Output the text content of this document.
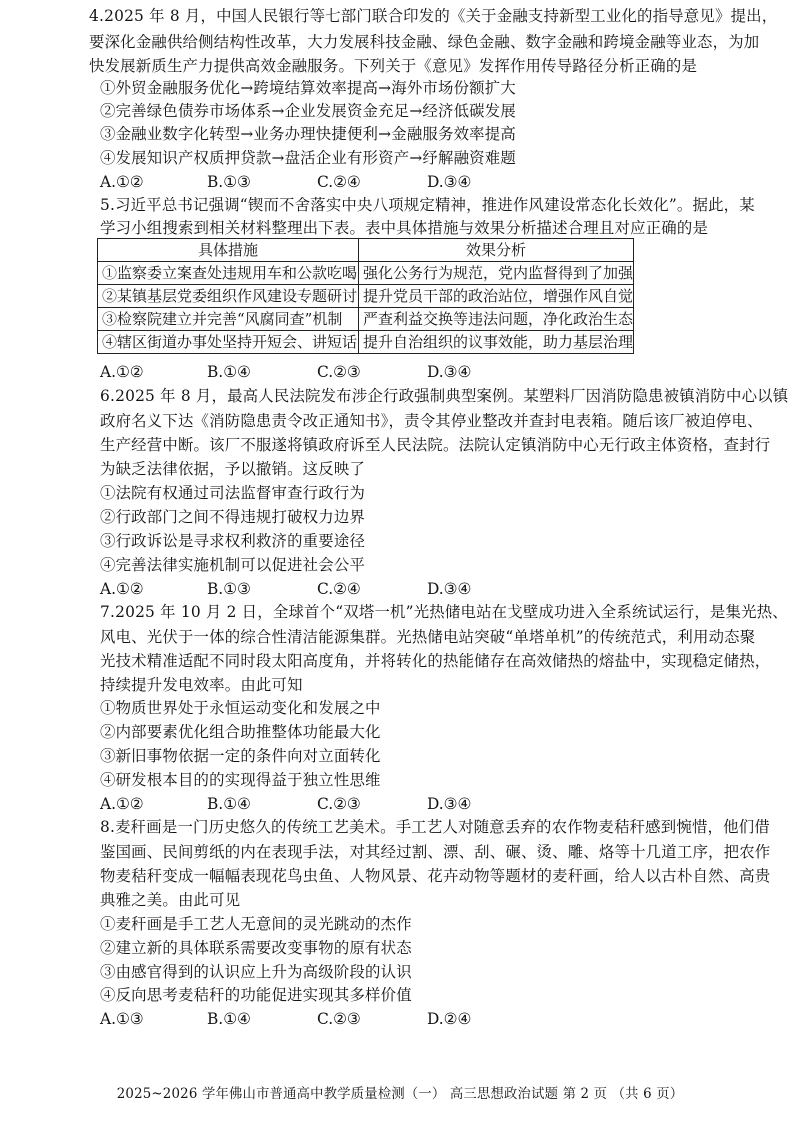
4.2025 年 8 月，中国人民银行等七部门联合印发的《关于金融支持新型工业化的指导意见》提出，
要深化金融供给侧结构性改革，大力发展科技金融、绿色金融、数字金融和跨境金融等业态，为加
快发展新质生产力提供高效金融服务。下列关于《意见》发挥作用传导路径分析正确的是
①外贸金融服务优化→跨境结算效率提高→海外市场份额扩大
②完善绿色债券市场体系→企业发展资金充足→经济低碳发展
③金融业数字化转型→业务办理快捷便利→金融服务效率提高
④发展知识产权质押贷款→盘活企业有形资产→纾解融资难题
A.①②	B.①③	C.②④	D.③④
5.习近平总书记强调“锲而不舍落实中央八项规定精神，推进作风建设常态化长效化”。据此，某
学习小组搜索到相关材料整理出下表。表中具体措施与效果分析描述合理且对应正确的是
具体措施	效果分析
①监察委立案查处违规用车和公款吃喝	强化公务行为规范，党内监督得到了加强
②某镇基层党委组织作风建设专题研讨	提升党员干部的政治站位，增强作风自觉
③检察院建立并完善“风腐同查”机制	严查利益交换等违法问题，净化政治生态
④辖区街道办事处坚持开短会、讲短话	提升自治组织的议事效能，助力基层治理
A.①②	B.①④	C.②③	D.③④
6.2025 年 8 月，最高人民法院发布涉企行政强制典型案例。某塑料厂因消防隐患被镇消防中心以镇
政府名义下达《消防隐患责令改正通知书》，责令其停业整改并查封电表箱。随后该厂被迫停电、
生产经营中断。该厂不服遂将镇政府诉至人民法院。法院认定镇消防中心无行政主体资格，查封行
为缺乏法律依据，予以撤销。这反映了
①法院有权通过司法监督审查行政行为
②行政部门之间不得违规打破权力边界
③行政诉讼是寻求权利救济的重要途径
④完善法律实施机制可以促进社会公平
A.①②	B.①③	C.②④	D.③④
7.2025 年 10 月 2 日，全球首个“双塔一机”光热储电站在戈壁成功进入全系统试运行，是集光热、
风电、光伏于一体的综合性清洁能源集群。光热储电站突破“单塔单机”的传统范式，利用动态聚
光技术精准适配不同时段太阳高度角，并将转化的热能储存在高效储热的熔盐中，实现稳定储热，
持续提升发电效率。由此可知
①物质世界处于永恒运动变化和发展之中
②内部要素优化组合助推整体功能最大化
③新旧事物依据一定的条件向对立面转化
④研发根本目的的实现得益于独立性思维
A.①②	B.①④	C.②③	D.③④
8.麦秆画是一门历史悠久的传统工艺美术。手工艺人对随意丢弃的农作物麦秸秆感到惋惜，他们借
鉴国画、民间剪纸的内在表现手法，对其经过割、漂、刮、碾、烫、雕、烙等十几道工序，把农作
物麦秸秆变成一幅幅表现花鸟虫鱼、人物风景、花卉动物等题材的麦秆画，给人以古朴自然、高贵
典雅之美。由此可见
①麦秆画是手工艺人无意间的灵光跳动的杰作
②建立新的具体联系需要改变事物的原有状态
③由感官得到的认识应上升为高级阶段的认识
④反向思考麦秸秆的功能促进实现其多样价值
A.①③	B.①④	C.②③	D.②④
2025~2026 学年佛山市普通高中教学质量检测（一） 高三思想政治试题 第 2 页 （共 6 页）
